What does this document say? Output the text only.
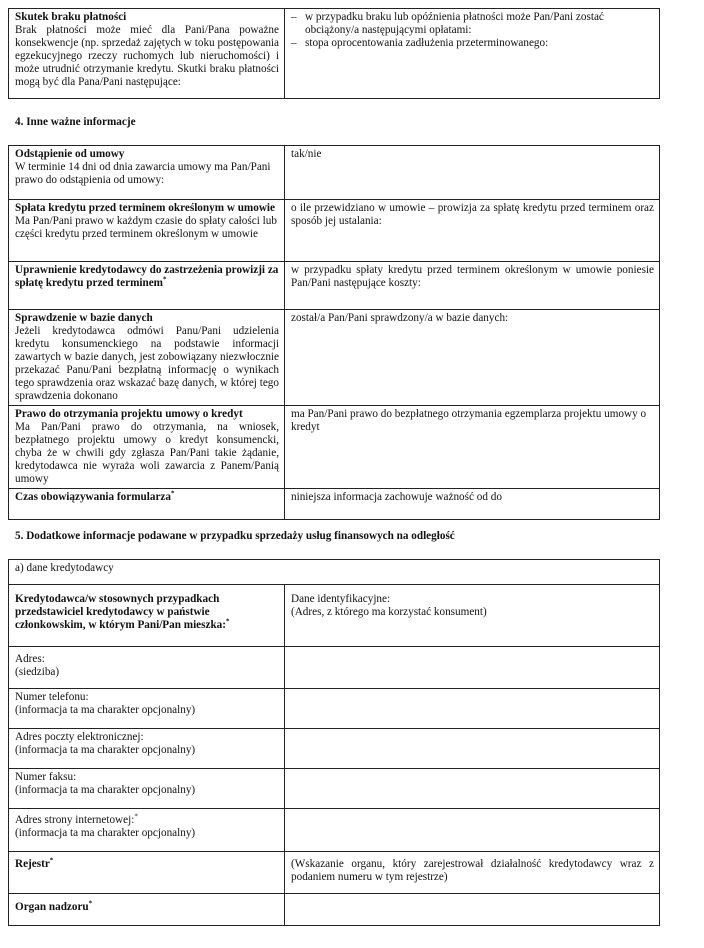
Skutek braku płatności
Brak płatności może mieć dla Pani/Pana poważne konsekwencje (np. sprzedaż zajętych w toku postępowania egzekucyjnego rzeczy ruchomych lub nieruchomości) i może utrudnić otrzymanie kredytu. Skutki braku płatności mogą być dla Pana/Pani następujące:

– w przypadku braku lub opóźnienia płatności może Pan/Pani zostać obciążony/a następującymi opłatami:
– stopa oprocentowania zadłużenia przeterminowanego:
4. Inne ważne informacje
Odstąpienie od umowy
W terminie 14 dni od dnia zawarcia umowy ma Pan/Pani prawo do odstąpienia od umowy:	tak/nie

Spłata kredytu przed terminem określonym w umowie
Ma Pan/Pani prawo w każdym czasie do spłaty całości lub części kredytu przed terminem określonym w umowie	o ile przewidziano w umowie – prowizja za spłatę kredytu przed terminem oraz sposób jej ustalania:

Uprawnienie kredytodawcy do zastrzeżenia prowizji za spłatę kredytu przed terminem*	w przypadku spłaty kredytu przed terminem określonym w umowie poniesie Pan/Pani następujące koszty:

Sprawdzenie w bazie danych
Jeżeli kredytodawca odmówi Panu/Pani udzielenia kredytu konsumenckiego na podstawie informacji zawartych w bazie danych, jest zobowiązany niezwłocznie przekazać Panu/Pani bezpłatną informację o wynikach tego sprawdzenia oraz wskazać bazę danych, w której tego sprawdzenia dokonano	został/a Pan/Pani sprawdzony/a w bazie danych:

Prawo do otrzymania projektu umowy o kredyt
Ma Pan/Pani prawo do otrzymania, na wniosek, bezpłatnego projektu umowy o kredyt konsumencki, chyba że w chwili gdy zgłasza Pan/Pani takie żądanie, kredytodawca nie wyraża woli zawarcia z Panem/Panią umowy	ma Pan/Pani prawo do bezpłatnego otrzymania egzemplarza projektu umowy o kredyt

Czas obowiązywania formularza*	niniejsza informacja zachowuje ważność od do
5. Dodatkowe informacje podawane w przypadku sprzedaży usług finansowych na odległość
a) dane kredytodawcy	
Kredytodawca/w stosownych przypadkach przedstawiciel kredytodawcy w państwie członkowskim, w którym Pani/Pan mieszka:*	Dane identyfikacyjne:
(Adres, z którego ma korzystać konsument)

Adres:
(siedziba)	

Numer telefonu:
(informacja ta ma charakter opcjonalny)	

Adres poczty elektronicznej:
(informacja ta ma charakter opcjonalny)	

Numer faksu:
(informacja ta ma charakter opcjonalny)	

Adres strony internetowej:*
(informacja ta ma charakter opcjonalny)	

Rejestr*	(Wskazanie organu, który zarejestrował działalność kredytodawcy wraz z podaniem numeru w tym rejestrze)
Organ nadzoru*	
